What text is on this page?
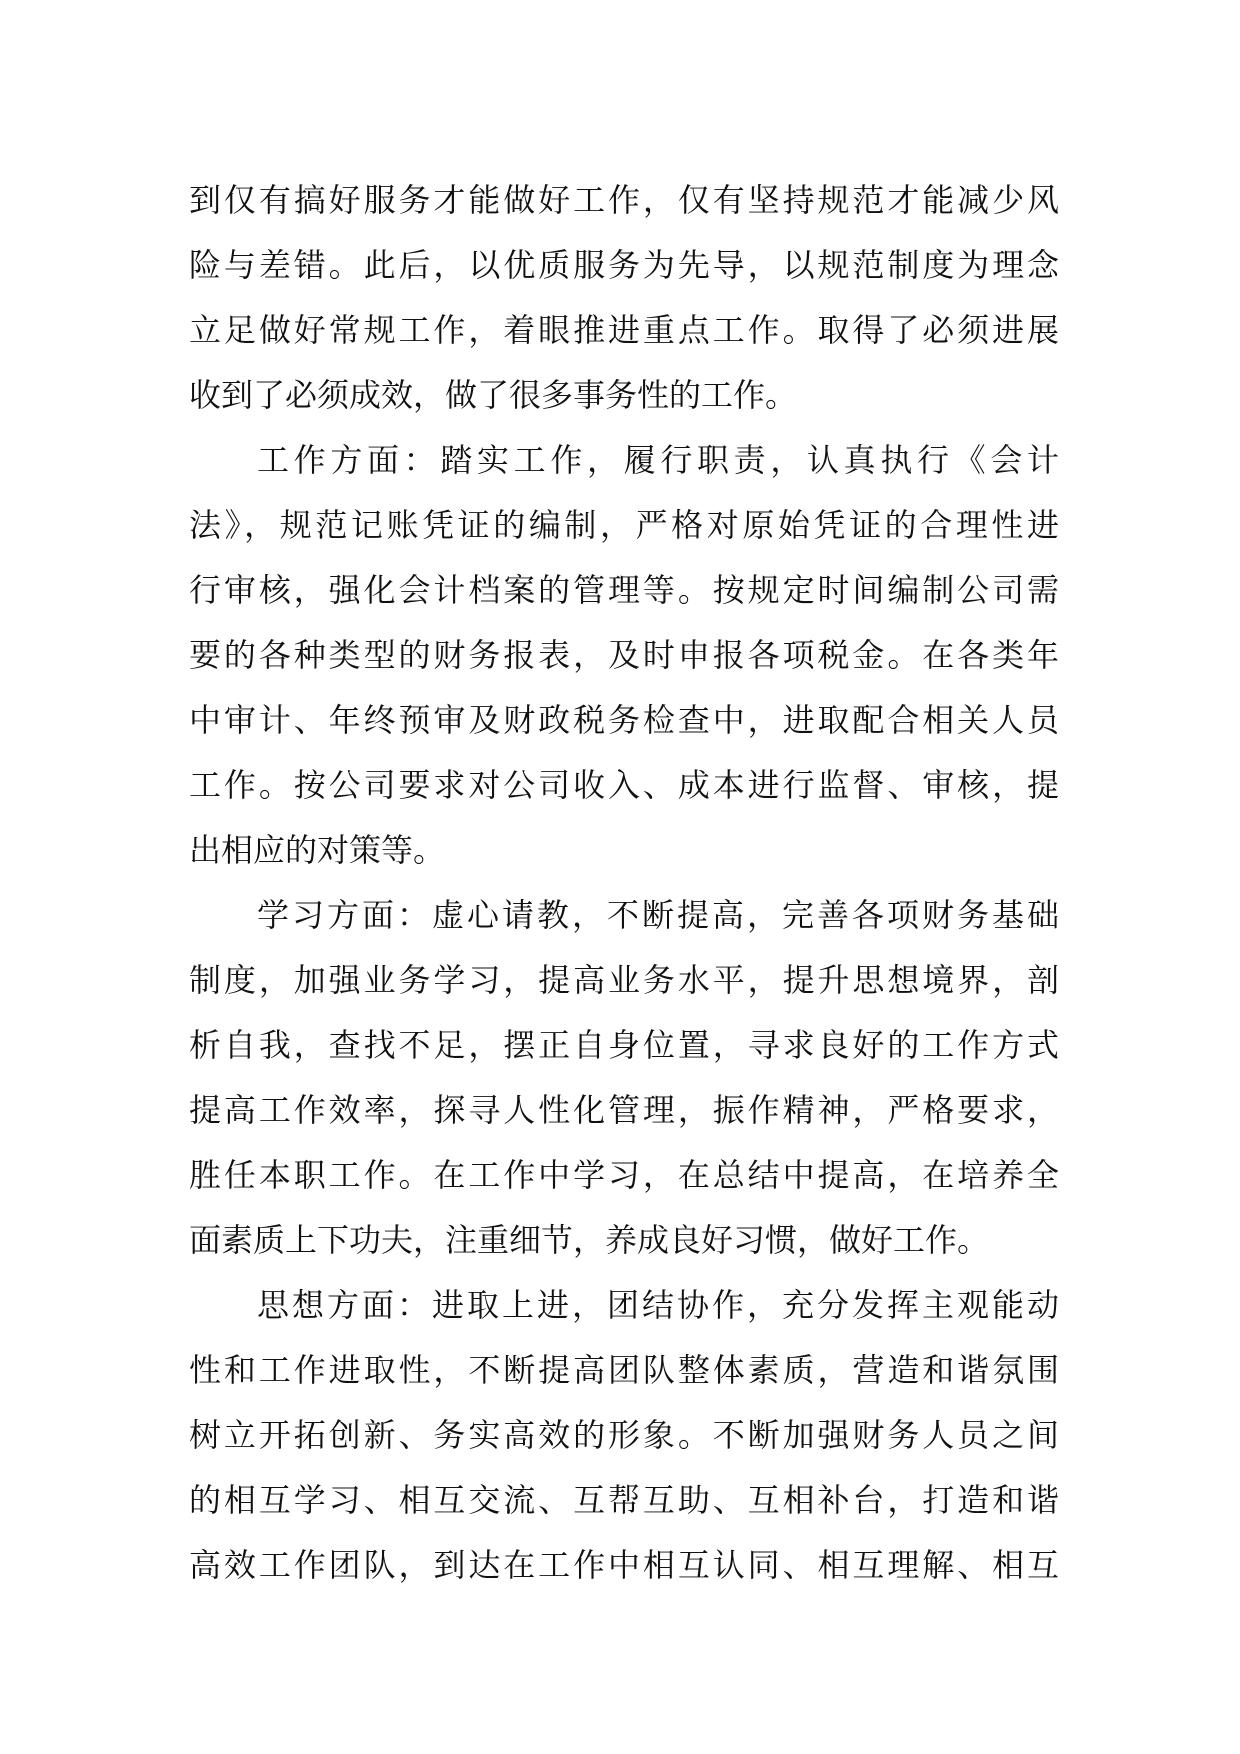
到仅有搞好服务才能做好工作，仅有坚持规范才能减少风
险与差错。此后，以优质服务为先导，以规范制度为理念
立足做好常规工作，着眼推进重点工作。取得了必须进展
收到了必须成效，做了很多事务性的工作。
工作方面：踏实工作，履行职责，认真执行《会计
法》，规范记账凭证的编制，严格对原始凭证的合理性进
行审核，强化会计档案的管理等。按规定时间编制公司需
要的各种类型的财务报表，及时申报各项税金。在各类年
中审计、年终预审及财政税务检查中，进取配合相关人员
工作。按公司要求对公司收入、成本进行监督、审核，提
出相应的对策等。
学习方面：虚心请教，不断提高，完善各项财务基础
制度，加强业务学习，提高业务水平，提升思想境界，剖
析自我，查找不足，摆正自身位置，寻求良好的工作方式
提高工作效率，探寻人性化管理，振作精神，严格要求，
胜任本职工作。在工作中学习，在总结中提高，在培养全
面素质上下功夫，注重细节，养成良好习惯，做好工作。
思想方面：进取上进，团结协作，充分发挥主观能动
性和工作进取性，不断提高团队整体素质，营造和谐氛围
树立开拓创新、务实高效的形象。不断加强财务人员之间
的相互学习、相互交流、互帮互助、互相补台，打造和谐
高效工作团队，到达在工作中相互认同、相互理解、相互
